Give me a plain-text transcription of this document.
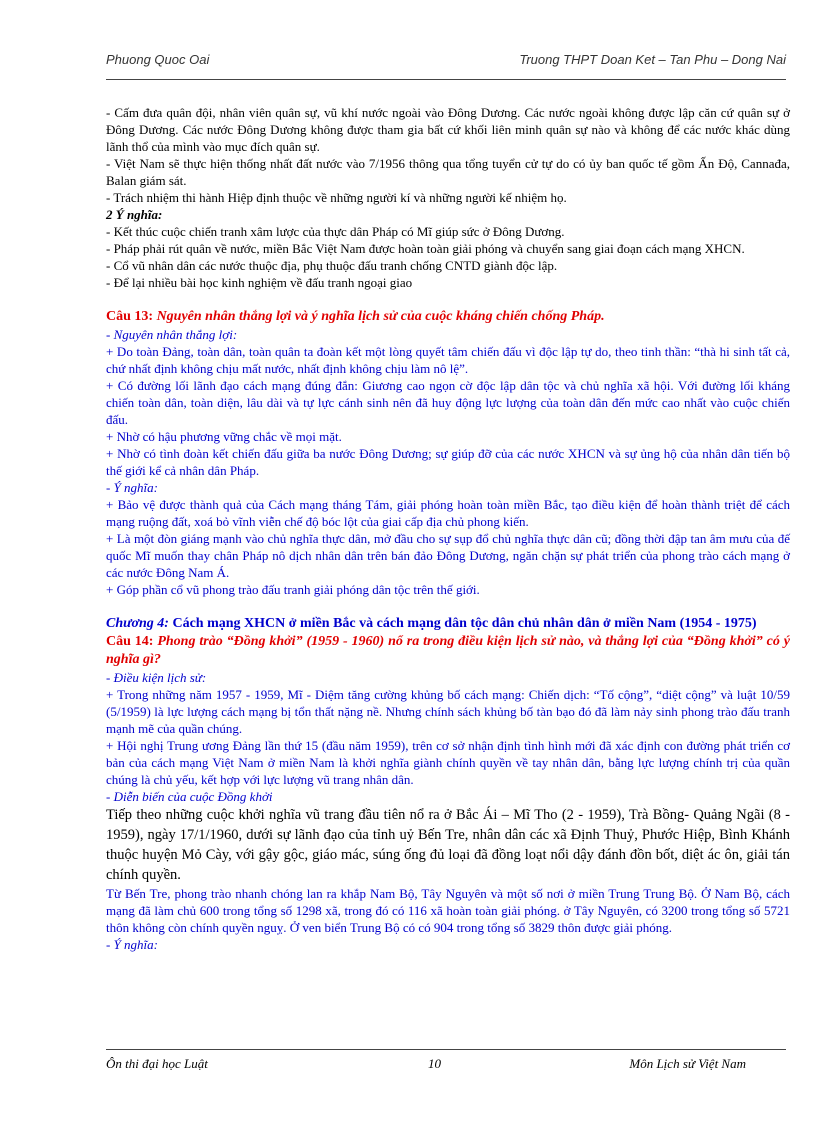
Phuong Quoc Oai	Truong THPT Doan Ket – Tan Phu – Dong Nai

- Cấm đưa quân đội, nhân viên quân sự, vũ khí nước ngoài vào Đông Dương. Các nước ngoài không được lập căn cứ quân sự ở Đông Dương. Các nước Đông Dương không được tham gia bất cứ khối liên minh quân sự nào và không để các nước khác dùng lãnh thổ của mình vào mục đích quân sự.

- Việt Nam sẽ thực hiện thống nhất đất nước vào 7/1956 thông qua tổng tuyển cử tự do có ủy ban quốc tế gồm Ấn Độ, Cannađa, Balan giám sát.

- Trách nhiệm thi hành Hiệp định thuộc về những người kí và những người kế nhiệm họ.

2 Ý nghĩa:

- Kết thúc cuộc chiến tranh xâm lược của thực dân Pháp có Mĩ giúp sức ở Đông Dương.

- Pháp phải rút quân về nước, miền Bắc Việt Nam được hoàn toàn giải phóng và chuyển sang giai đoạn cách mạng XHCN.

- Cổ vũ nhân dân các nước thuộc địa, phụ thuộc đấu tranh chống CNTD giành độc lập.

- Để lại nhiều bài học kinh nghiệm về đấu tranh ngoại giao

Câu 13: Nguyên nhân thắng lợi và ý nghĩa lịch sử của cuộc kháng chiến chống Pháp.

- Nguyên nhân thắng lợi:

+ Do toàn Đảng, toàn dân, toàn quân ta đoàn kết một lòng quyết tâm chiến đấu vì độc lập tự do, theo tinh thần: “thà hi sinh tất cả, chứ nhất định không chịu mất nước, nhất định không chịu làm nô lệ”.

+ Có đường lối lãnh đạo cách mạng đúng đắn: Giương cao ngọn cờ độc lập dân tộc và chủ nghĩa xã hội. Với đường lối kháng chiến toàn dân, toàn diện, lâu dài và tự lực cánh sinh nên đã huy động lực lượng của toàn dân đến mức cao nhất vào cuộc chiến đấu.

+ Nhờ có hậu phương vững chắc về mọi mặt.

+ Nhờ có tình đoàn kết chiến đấu giữa ba nước Đông Dương; sự giúp đỡ của các nước XHCN và sự ủng hộ của nhân dân tiến bộ thế giới kể cả nhân dân Pháp.

- Ý nghĩa:

+ Bảo vệ được thành quả của Cách mạng tháng Tám, giải phóng hoàn toàn miền Bắc, tạo điều kiện để hoàn thành triệt để cách mạng ruộng đất, xoá bỏ vĩnh viễn chế độ bóc lột của giai cấp địa chủ phong kiến.

+ Là một đòn giáng mạnh vào chủ nghĩa thực dân, mở đầu cho sự sụp đổ chủ nghĩa thực dân cũ; đồng thời đập tan âm mưu của đế quốc Mĩ muốn thay chân Pháp nô dịch nhân dân trên bán đảo Đông Dương, ngăn chặn sự phát triển của phong trào cách mạng ở các nước Đông Nam Á.

+ Góp phần cổ vũ phong trào đấu tranh giải phóng dân tộc trên thế giới.

Chương 4: Cách mạng XHCN ở miền Bắc và cách mạng dân tộc dân chủ nhân dân ở miền Nam (1954 - 1975)

Câu 14: Phong trào “Đồng khởi” (1959 - 1960) nổ ra trong điều kiện lịch sử nào, và thắng lợi của “Đồng khởi” có ý nghĩa gì?

- Điều kiện lịch sử:

+ Trong những năm 1957 - 1959, Mĩ - Diệm tăng cường khủng bố cách mạng: Chiến dịch: “Tố cộng”, “diệt cộng” và luật 10/59 (5/1959) là lực lượng cách mạng bị tổn thất nặng nề. Nhưng chính sách khủng bố tàn bạo đó đã làm nảy sinh phong trào đấu tranh mạnh mẽ của quần chúng.

+ Hội nghị Trung ương Đảng lần thứ 15 (đầu năm 1959), trên cơ sở nhận định tình hình mới đã xác định con đường phát triển cơ bản của cách mạng Việt Nam ở miền Nam là khởi nghĩa giành chính quyền về tay nhân dân, bằng lực lượng chính trị của quần chúng là chủ yếu, kết hợp với lực lượng vũ trang nhân dân.

- Diễn biến của cuộc Đồng khởi

Tiếp theo những cuộc khởi nghĩa vũ trang đầu tiên nổ ra ở Bắc Ái – Mĩ Tho (2 - 1959), Trà Bồng- Quảng Ngãi (8 - 1959), ngày 17/1/1960, dưới sự lãnh đạo của tỉnh uỷ Bến Tre, nhân dân các xã Định Thuỷ, Phước Hiệp, Bình Khánh thuộc huyện Mỏ Cày, với gậy gộc, giáo mác, súng ống đủ loại đã đồng loạt nổi dậy đánh đồn bốt, diệt ác ôn, giải tán chính quyền.

Từ Bến Tre, phong trào nhanh chóng lan ra khắp Nam Bộ, Tây Nguyên và một số nơi ở miền Trung Trung Bộ. Ở Nam Bộ, cách mạng đã làm chủ 600 trong tổng số 1298 xã, trong đó có 116 xã hoàn toàn giải phóng. ở Tây Nguyên, có 3200 trong tổng số 5721 thôn không còn chính quyền nguỵ. Ở ven biển Trung Bộ có có 904 trong tổng số 3829 thôn được giải phóng.

- Ý nghĩa:

Ôn thi đại học Luật	10	Môn Lịch sử Việt Nam
